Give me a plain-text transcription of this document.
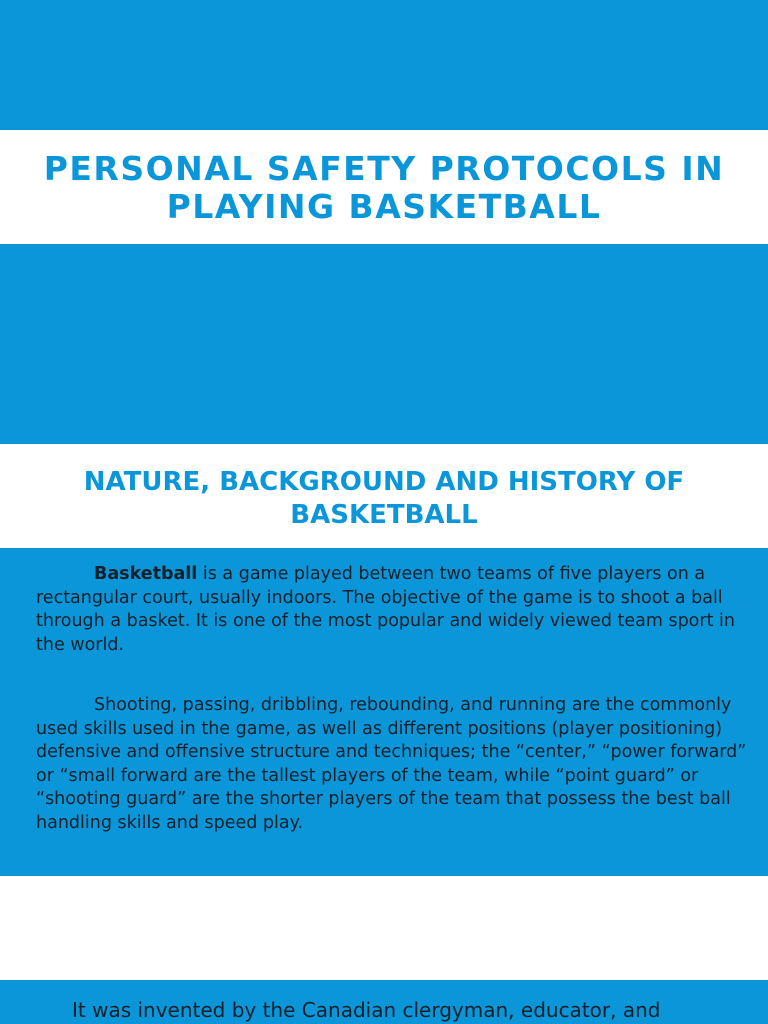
PERSONAL SAFETY PROTOCOLS IN PLAYING BASKETBALL
NATURE, BACKGROUND AND HISTORY OF BASKETBALL

Basketball is a game played between two teams of five players on a rectangular court, usually indoors. The objective of the game is to shoot a ball through a basket. It is one of the most popular and widely viewed team sport in the world.

Shooting, passing, dribbling, rebounding, and running are the commonly used skills used in the game, as well as different positions (player positioning) defensive and offensive structure and techniques; the “center,” “power forward” or “small forward are the tallest players of the team, while “point guard” or “shooting guard” are the shorter players of the team that possess the best ball handling skills and speed play.

It was invented by the Canadian clergyman, educator, and
